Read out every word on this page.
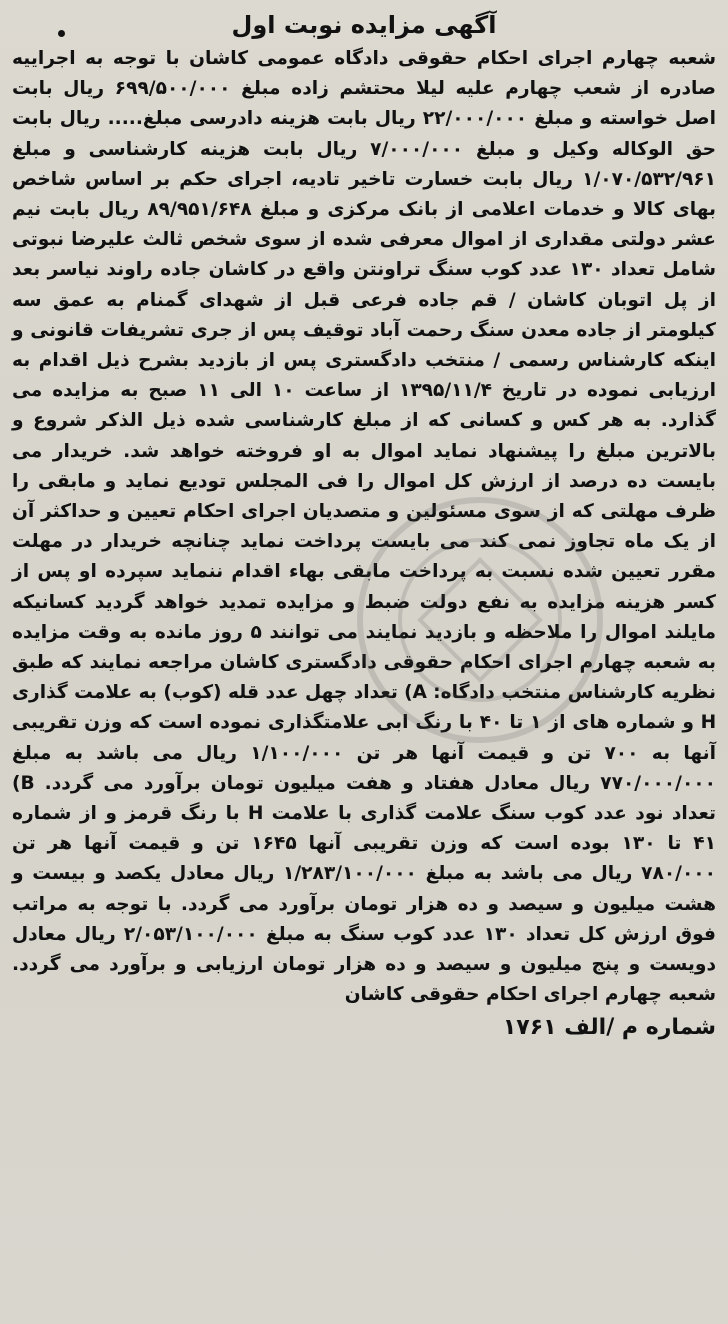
آگهی مزایده نوبت اول

شعبه چهارم اجرای احکام حقوقی دادگاه عمومی کاشان با توجه به اجراییه صادره از شعب چهارم علیه لیلا محتشم زاده مبلغ ۶۹۹/۵۰۰/۰۰۰ ریال بابت اصل خواسته و مبلغ ۲۲/۰۰۰/۰۰۰ ریال بابت هزینه دادرسی مبلغ..... ریال بابت حق الوکاله وکیل و مبلغ ۷/۰۰۰/۰۰۰ ریال بابت هزینه کارشناسی و مبلغ ۱/۰۷۰/۵۳۲/۹۶۱ ریال بابت خسارت تاخیر تادیه، اجرای حکم بر اساس شاخص بهای کالا و خدمات اعلامی از بانک مرکزی و مبلغ ۸۹/۹۵۱/۶۴۸ ریال بابت نیم عشر دولتی مقداری از اموال معرفی شده از سوی شخص ثالث علیرضا نبوتی شامل تعداد ۱۳۰ عدد کوب سنگ تراونتن واقع در کاشان جاده راوند نیاسر بعد از پل اتوبان کاشان / قم جاده فرعی قبل از شهدای گمنام به عمق سه کیلومتر از جاده معدن سنگ رحمت آباد توقیف پس از جری تشریفات قانونی و اینکه کارشناس رسمی / منتخب دادگستری پس از بازدید بشرح ذیل اقدام به ارزیابی نموده در تاریخ ۱۳۹۵/۱۱/۴ از ساعت ۱۰ الی ۱۱ صبح به مزایده می گذارد. به هر کس و کسانی که از مبلغ کارشناسی شده ذیل الذکر شروع و بالاترین مبلغ را پیشنهاد نماید اموال به او فروخته خواهد شد. خریدار می بایست ده درصد از ارزش کل اموال را فی المجلس تودیع نماید و مابقی را ظرف مهلتی که از سوی مسئولین و متصدیان اجرای احکام تعیین و حداکثر آن از یک ماه تجاوز نمی کند می بایست پرداخت نماید چنانچه خریدار در مهلت مقرر تعیین شده نسبت به پرداخت مابقی بهاء اقدام ننماید سپرده او پس از کسر هزینه مزایده به نفع دولت ضبط و مزایده تمدید خواهد گردید کسانیکه مایلند اموال را ملاحظه و بازدید نمایند می توانند ۵ روز مانده به وقت مزایده به شعبه چهارم اجرای احکام حقوقی دادگستری کاشان مراجعه نمایند که طبق نظریه کارشناس منتخب دادگاه: A) تعداد چهل عدد قله (کوب) به علامت گذاری H و شماره های از ۱ تا ۴۰ با رنگ ابی علامتگذاری نموده است که وزن تقریبی آنها به ۷۰۰ تن و قیمت آنها هر تن ۱/۱۰۰/۰۰۰ ریال می باشد به مبلغ ۷۷۰/۰۰۰/۰۰۰ ریال معادل هفتاد و هفت میلیون تومان برآورد می گردد. B) تعداد نود عدد کوب سنگ علامت گذاری با علامت H با رنگ قرمز و از شماره ۴۱ تا ۱۳۰ بوده است که وزن تقریبی آنها ۱۶۴۵ تن و قیمت آنها هر تن ۷۸۰/۰۰۰ ریال می باشد به مبلغ ۱/۲۸۳/۱۰۰/۰۰۰ ریال معادل یکصد و بیست و هشت میلیون و سیصد و ده هزار تومان برآورد می گردد. با توجه به مراتب فوق ارزش کل تعداد ۱۳۰ عدد کوب سنگ به مبلغ ۲/۰۵۳/۱۰۰/۰۰۰ ریال معادل دویست و پنج میلیون و سیصد و ده هزار تومان ارزیابی و برآورد می گردد. شعبه چهارم اجرای احکام حقوقی کاشان

شماره م /الف ۱۷۶۱
